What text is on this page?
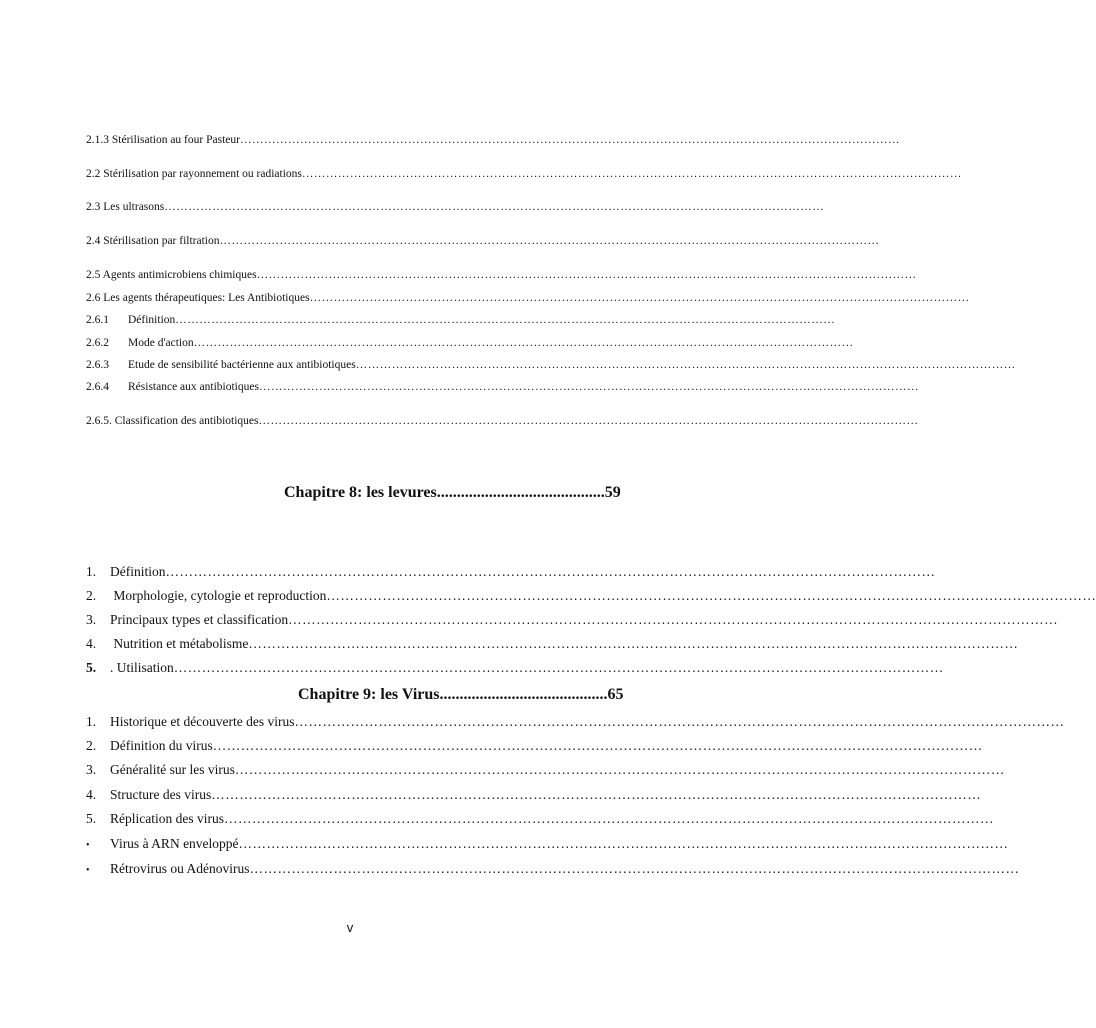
2.1.3 Stérilisation au four Pasteur …………………………………………………………………………………………………………………………………………………
2.2 Stérilisation par rayonnement ou radiations …………………………………………………………………………………………………………………………………………………
2.3 Les ultrasons …………………………………………………………………………………………………………………………………………………
2.4 Stérilisation par filtration …………………………………………………………………………………………………………………………………………………
2.5 Agents antimicrobiens chimiques …………………………………………………………………………………………………………………………………………………
2.6 Les agents thérapeutiques: Les Antibiotiques …………………………………………………………………………………………………………………………………………………
2.6.1 Définition …………………………………………………………………………………………………………………………………………………
2.6.2 Mode d'action …………………………………………………………………………………………………………………………………………………
2.6.3 Etude de sensibilité bactérienne aux antibiotiques …………………………………………………………………………………………………………………………………………………
2.6.4 Résistance aux antibiotiques …………………………………………………………………………………………………………………………………………………
2.6.5. Classification des antibiotiques …………………………………………………………………………………………………………………………………………………
Chapitre 8: les levures .......................................... 59
1. Définition …………………………………………………………………………………………………………………………………………………
2. Morphologie, cytologie et reproduction …………………………………………………………………………………………………………………………………………………
3. Principaux types et classification …………………………………………………………………………………………………………………………………………………
4. Nutrition et métabolisme …………………………………………………………………………………………………………………………………………………
5. . Utilisation …………………………………………………………………………………………………………………………………………………
Chapitre 9: les Virus .......................................... 65
1. Historique et découverte des virus …………………………………………………………………………………………………………………………………………………
2. Définition du virus …………………………………………………………………………………………………………………………………………………
3. Généralité sur les virus …………………………………………………………………………………………………………………………………………………
4. Structure des virus …………………………………………………………………………………………………………………………………………………
5. Réplication des virus …………………………………………………………………………………………………………………………………………………
• Virus à ARN enveloppé …………………………………………………………………………………………………………………………………………………
• Rétrovirus ou Adénovirus …………………………………………………………………………………………………………………………………………………
v
